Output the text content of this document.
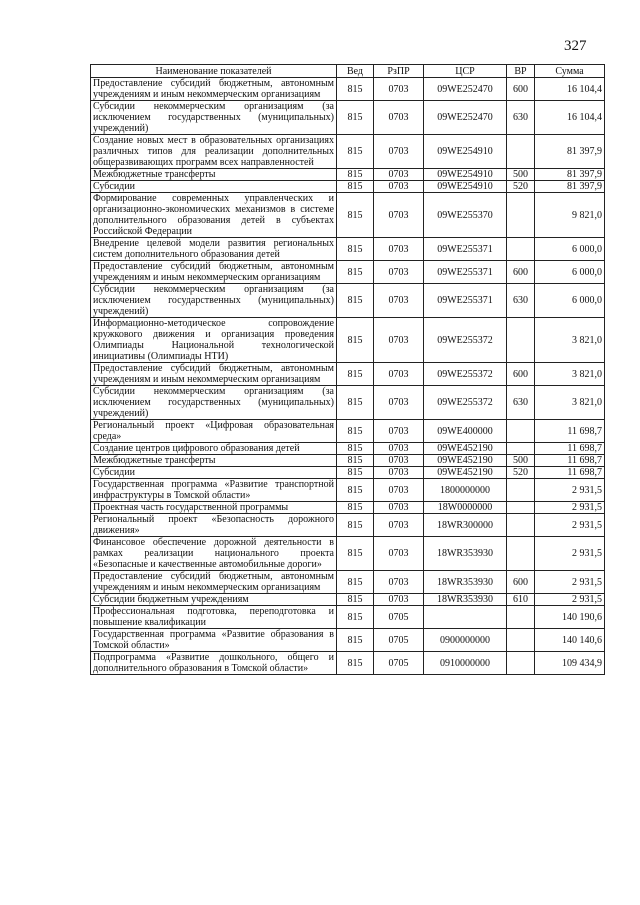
327
Наименование показателей	Вед	РзПР	ЦСР	ВР	Сумма
Предоставление субсидий бюджетным, автономным учреждениям и иным некоммерческим организациям	815	0703	09WE252470	600	16 104,4
Субсидии некоммерческим организациям (за исключением государственных (муниципальных) учреждений)	815	0703	09WE252470	630	16 104,4
Создание новых мест в образовательных организациях различных типов для реализации дополнительных общеразвивающих программ всех направленностей	815	0703	09WE254910		81 397,9
Межбюджетные трансферты	815	0703	09WE254910	500	81 397,9
Субсидии	815	0703	09WE254910	520	81 397,9
Формирование современных управленческих и организационно-экономических механизмов в системе дополнительного образования детей в субъектах Российской Федерации	815	0703	09WE255370		9 821,0
Внедрение целевой модели развития региональных систем дополнительного образования детей	815	0703	09WE255371		6 000,0
Предоставление субсидий бюджетным, автономным учреждениям и иным некоммерческим организациям	815	0703	09WE255371	600	6 000,0
Субсидии некоммерческим организациям (за исключением государственных (муниципальных) учреждений)	815	0703	09WE255371	630	6 000,0
Информационно-методическое сопровождение кружкового движения и организация проведения Олимпиады Национальной технологической инициативы (Олимпиады НТИ)	815	0703	09WE255372		3 821,0
Предоставление субсидий бюджетным, автономным учреждениям и иным некоммерческим организациям	815	0703	09WE255372	600	3 821,0
Субсидии некоммерческим организациям (за исключением государственных (муниципальных) учреждений)	815	0703	09WE255372	630	3 821,0
Региональный проект «Цифровая образовательная среда»	815	0703	09WE400000		11 698,7
Создание центров цифрового образования детей	815	0703	09WE452190		11 698,7
Межбюджетные трансферты	815	0703	09WE452190	500	11 698,7
Субсидии	815	0703	09WE452190	520	11 698,7
Государственная программа «Развитие транспортной инфраструктуры в Томской области»	815	0703	1800000000		2 931,5
Проектная часть государственной программы	815	0703	18W0000000		2 931,5
Региональный проект «Безопасность дорожного движения»	815	0703	18WR300000		2 931,5
Финансовое обеспечение дорожной деятельности в рамках реализации национального проекта «Безопасные и качественные автомобильные дороги»	815	0703	18WR353930		2 931,5
Предоставление субсидий бюджетным, автономным учреждениям и иным некоммерческим организациям	815	0703	18WR353930	600	2 931,5
Субсидии бюджетным учреждениям	815	0703	18WR353930	610	2 931,5
Профессиональная подготовка, переподготовка и повышение квалификации	815	0705			140 190,6
Государственная программа «Развитие образования в Томской области»	815	0705	0900000000		140 140,6
Подпрограмма «Развитие дошкольного, общего и дополнительного образования в Томской области»	815	0705	0910000000		109 434,9
